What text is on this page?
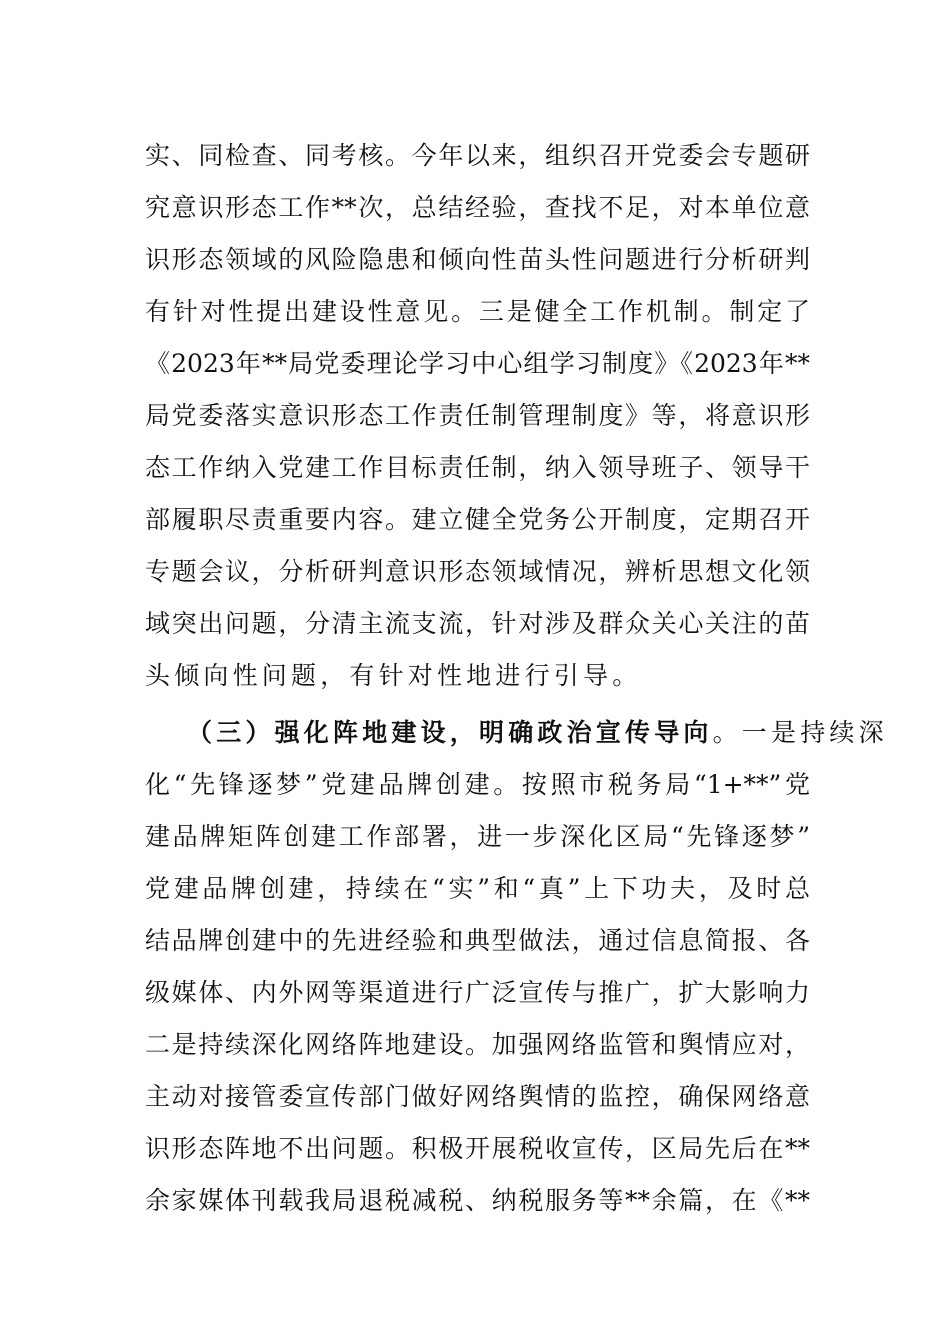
实、同检查、同考核。今年以来，组织召开党委会专题研
究意识形态工作**次，总结经验，查找不足，对本单位意
识形态领域的风险隐患和倾向性苗头性问题进行分析研判
有针对性提出建设性意见。三是健全工作机制。制定了
《2023年**局党委理论学习中心组学习制度》《2023年**
局党委落实意识形态工作责任制管理制度》等，将意识形
态工作纳入党建工作目标责任制，纳入领导班子、领导干
部履职尽责重要内容。建立健全党务公开制度，定期召开
专题会议，分析研判意识形态领域情况，辨析思想文化领
域突出问题，分清主流支流，针对涉及群众关心关注的苗
头倾向性问题，有针对性地进行引导。
（三）强化阵地建设，明确政治宣传导向。一是持续深
化“先锋逐梦”党建品牌创建。按照市税务局“1+**”党
建品牌矩阵创建工作部署，进一步深化区局“先锋逐梦”
党建品牌创建，持续在“实”和“真”上下功夫，及时总
结品牌创建中的先进经验和典型做法，通过信息简报、各
级媒体、内外网等渠道进行广泛宣传与推广，扩大影响力
二是持续深化网络阵地建设。加强网络监管和舆情应对，
主动对接管委宣传部门做好网络舆情的监控，确保网络意
识形态阵地不出问题。积极开展税收宣传，区局先后在**
余家媒体刊载我局退税减税、纳税服务等**余篇，在《**
